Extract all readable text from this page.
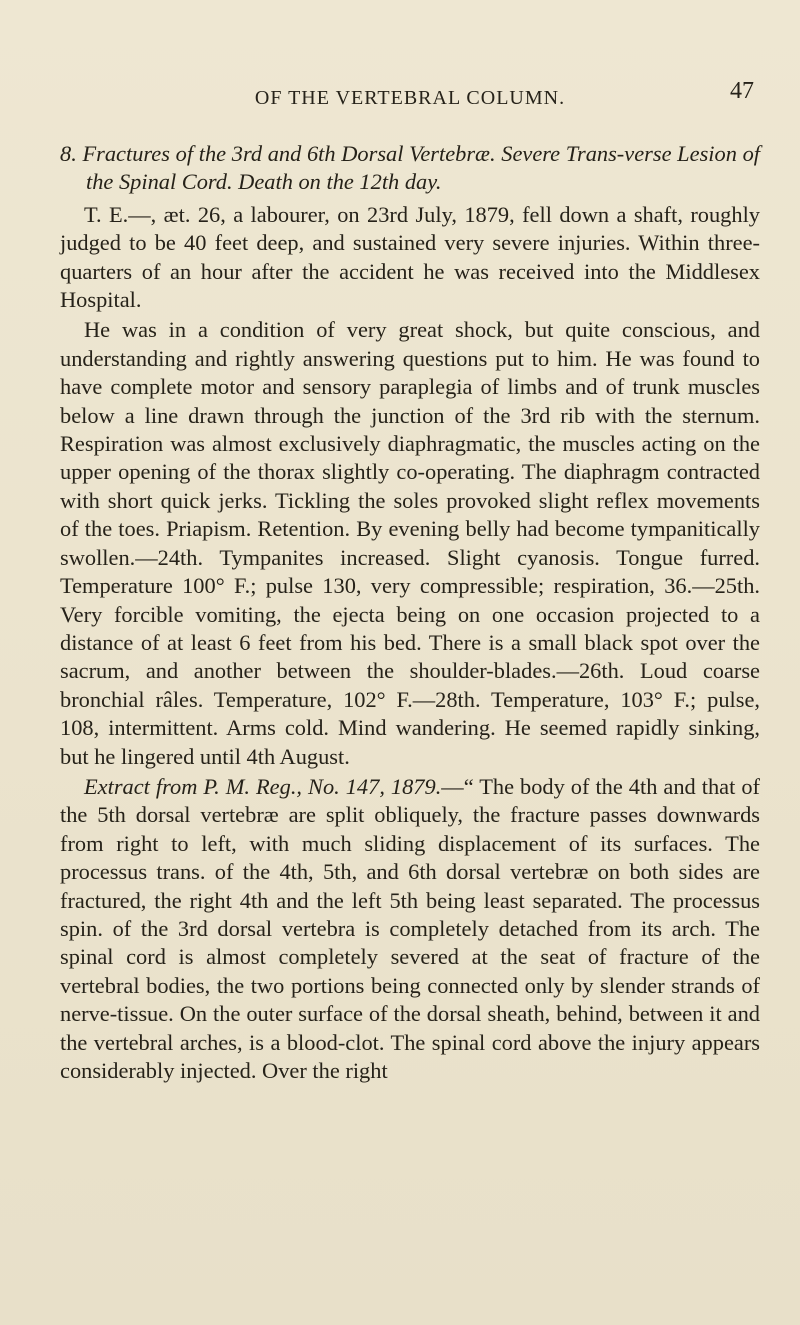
OF THE VERTEBRAL COLUMN.	47

8. Fractures of the 3rd and 6th Dorsal Vertebræ. Severe Trans-verse Lesion of the Spinal Cord. Death on the 12th day.

T. E.—, æt. 26, a labourer, on 23rd July, 1879, fell down a shaft, roughly judged to be 40 feet deep, and sustained very severe injuries. Within three-quarters of an hour after the accident he was received into the Middlesex Hospital.

He was in a condition of very great shock, but quite conscious, and understanding and rightly answering questions put to him. He was found to have complete motor and sensory paraplegia of limbs and of trunk muscles below a line drawn through the junction of the 3rd rib with the sternum. Respiration was almost exclusively diaphragmatic, the muscles acting on the upper opening of the thorax slightly co-operating. The diaphragm contracted with short quick jerks. Tickling the soles provoked slight reflex movements of the toes. Priapism. Retention. By evening belly had become tympanitically swollen.—24th. Tympanites increased. Slight cyanosis. Tongue furred. Temperature 100° F.; pulse 130, very compressible; respiration, 36.—25th. Very forcible vomiting, the ejecta being on one occasion projected to a distance of at least 6 feet from his bed. There is a small black spot over the sacrum, and another between the shoulder-blades.—26th. Loud coarse bronchial râles. Temperature, 102° F.—28th. Temperature, 103° F.; pulse, 108, intermittent. Arms cold. Mind wandering. He seemed rapidly sinking, but he lingered until 4th August.

Extract from P. M. Reg., No. 147, 1879.—“ The body of the 4th and that of the 5th dorsal vertebræ are split obliquely, the fracture passes downwards from right to left, with much sliding displacement of its surfaces. The processus trans. of the 4th, 5th, and 6th dorsal vertebræ on both sides are fractured, the right 4th and the left 5th being least separated. The processus spin. of the 3rd dorsal vertebra is completely detached from its arch. The spinal cord is almost completely severed at the seat of fracture of the vertebral bodies, the two portions being connected only by slender strands of nerve-tissue. On the outer surface of the dorsal sheath, behind, between it and the vertebral arches, is a blood-clot. The spinal cord above the injury appears considerably injected. Over the right
